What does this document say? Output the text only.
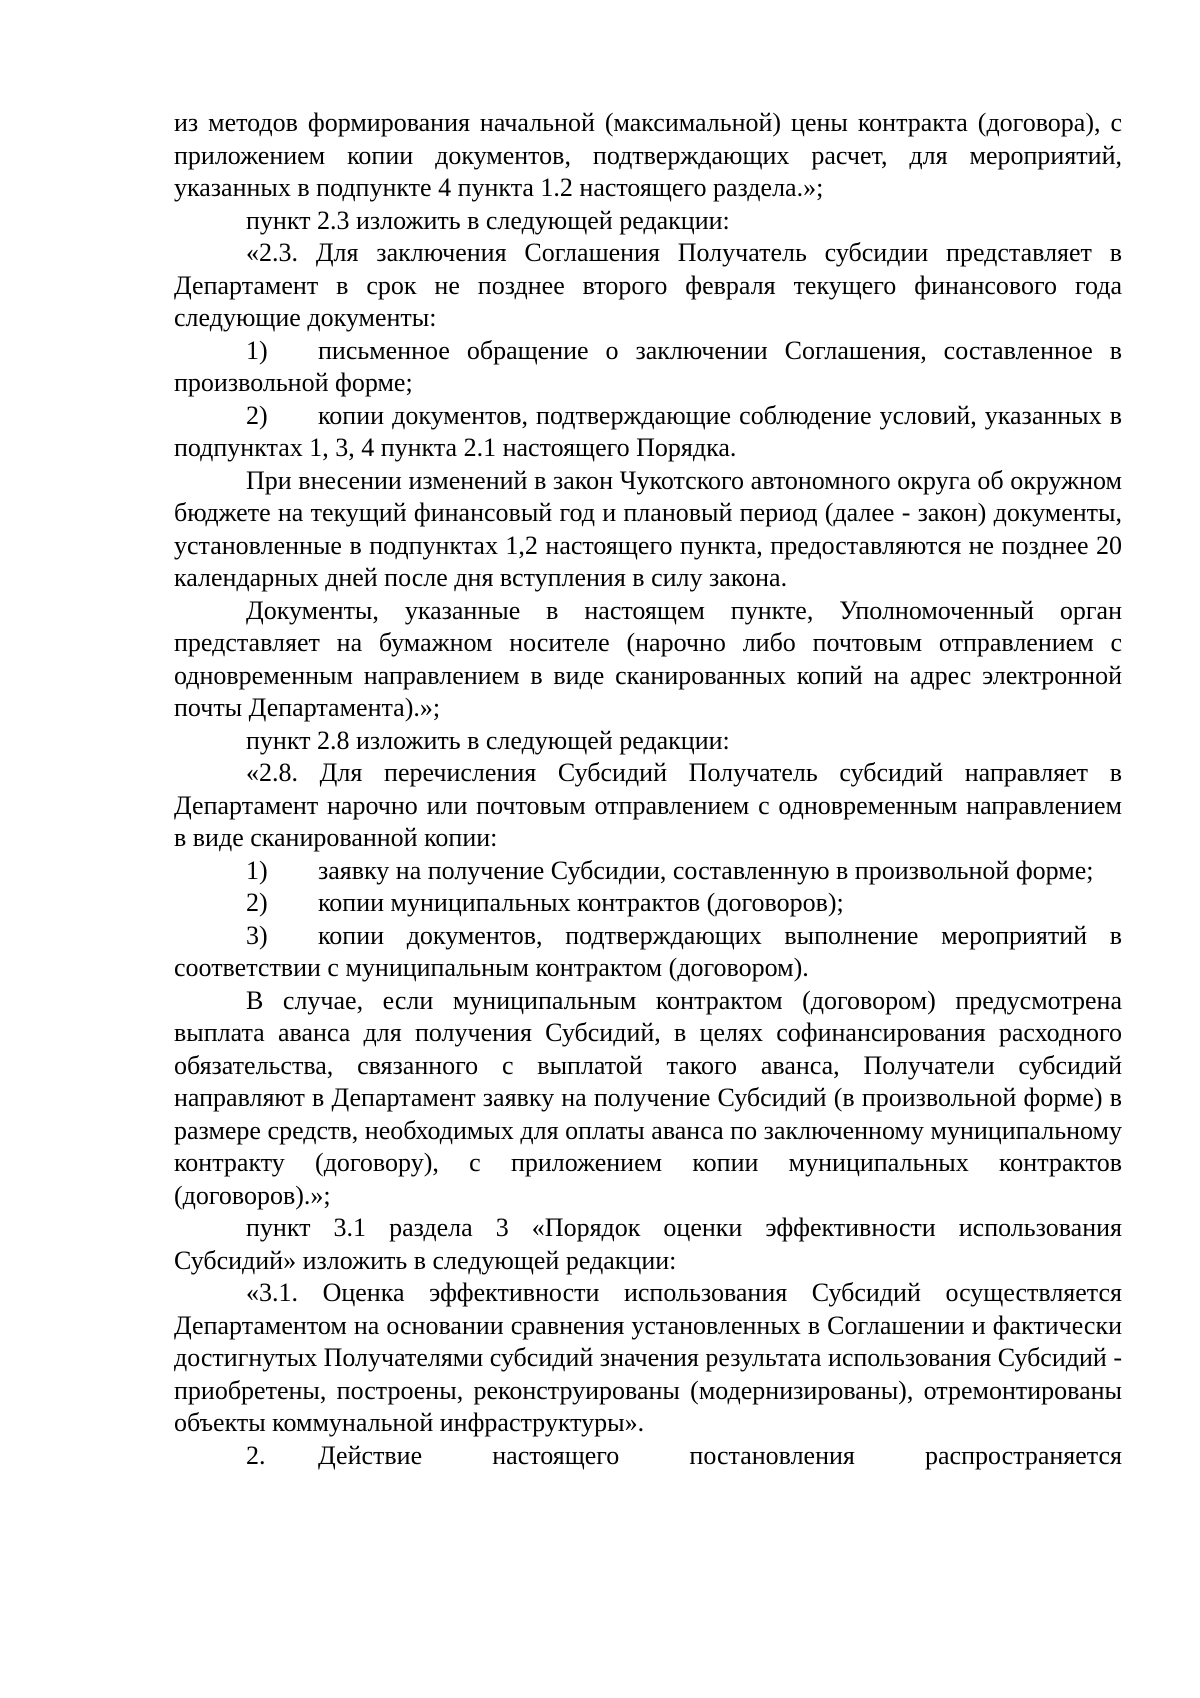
из методов формирования начальной (максимальной) цены контракта (договора), с приложением копии документов, подтверждающих расчет, для мероприятий, указанных в подпункте 4 пункта 1.2 настоящего раздела.»;

пункт 2.3 изложить в следующей редакции:

«2.3. Для заключения Соглашения Получатель субсидии представляет в Департамент в срок не позднее второго февраля текущего финансового года следующие документы:

1) письменное обращение о заключении Соглашения, составленное в произвольной форме;

2) копии документов, подтверждающие соблюдение условий, указанных в подпунктах 1, 3, 4 пункта 2.1 настоящего Порядка.

При внесении изменений в закон Чукотского автономного округа об окружном бюджете на текущий финансовый год и плановый период (далее - закон) документы, установленные в подпунктах 1,2 настоящего пункта, предоставляются не позднее 20 календарных дней после дня вступления в силу закона.

Документы, указанные в настоящем пункте, Уполномоченный орган представляет на бумажном носителе (нарочно либо почтовым отправлением с одновременным направлением в виде сканированных копий на адрес электронной почты Департамента).»;

пункт 2.8 изложить в следующей редакции:

«2.8. Для перечисления Субсидий Получатель субсидий направляет в Департамент нарочно или почтовым отправлением с одновременным направлением в виде сканированной копии:

1) заявку на получение Субсидии, составленную в произвольной форме;

2) копии муниципальных контрактов (договоров);

3) копии документов, подтверждающих выполнение мероприятий в соответствии с муниципальным контрактом (договором).

В случае, если муниципальным контрактом (договором) предусмотрена выплата аванса для получения Субсидий, в целях софинансирования расходного обязательства, связанного с выплатой такого аванса, Получатели субсидий направляют в Департамент заявку на получение Субсидий (в произвольной форме) в размере средств, необходимых для оплаты аванса по заключенному муниципальному контракту (договору), с приложением копии муниципальных контрактов (договоров).»;

пункт 3.1 раздела 3 «Порядок оценки эффективности использования Субсидий» изложить в следующей редакции:

«3.1. Оценка эффективности использования Субсидий осуществляется Департаментом на основании сравнения установленных в Соглашении и фактически достигнутых Получателями субсидий значения результата использования Субсидий - приобретены, построены, реконструированы (модернизированы), отремонтированы объекты коммунальной инфраструктуры».

2. Действие настоящего постановления распространяется
